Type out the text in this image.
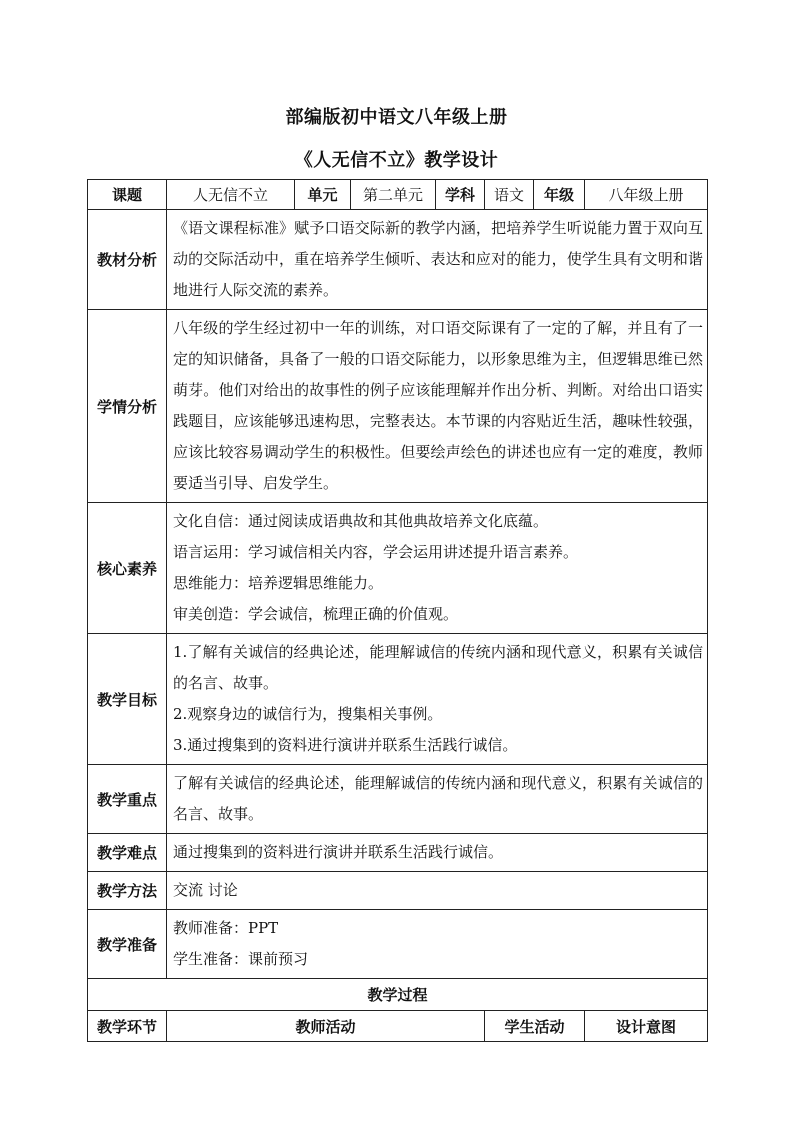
部编版初中语文八年级上册
《人无信不立》教学设计
课题	人无信不立	单元	第二单元	学科	语文	年级	八年级上册
教材分析	《语文课程标准》赋予口语交际新的教学内涵，把培养学生听说能力置于双向互动的交际活动中，重在培养学生倾听、表达和应对的能力，使学生具有文明和谐地进行人际交流的素养。						
学情分析	八年级的学生经过初中一年的训练，对口语交际课有了一定的了解，并且有了一定的知识储备，具备了一般的口语交际能力，以形象思维为主，但逻辑思维已然萌芽。他们对给出的故事性的例子应该能理解并作出分析、判断。对给出口语实践题目，应该能够迅速构思，完整表达。本节课的内容贴近生活，趣味性较强，应该比较容易调动学生的积极性。但要绘声绘色的讲述也应有一定的难度，教师要适当引导、启发学生。						
核心素养	文化自信：通过阅读成语典故和其他典故培养文化底蕴。
语言运用：学习诚信相关内容，学会运用讲述提升语言素养。
思维能力：培养逻辑思维能力。
审美创造：学会诚信，梳理正确的价值观。						

教学目标	1.了解有关诚信的经典论述，能理解诚信的传统内涵和现代意义，积累有关诚信的名言、故事。
2.观察身边的诚信行为，搜集相关事例。
3.通过搜集到的资料进行演讲并联系生活践行诚信。						

教学重点	了解有关诚信的经典论述，能理解诚信的传统内涵和现代意义，积累有关诚信的名言、故事。						
教学难点	通过搜集到的资料进行演讲并联系生活践行诚信。						
教学方法	交流 讨论						
教学准备	教师准备：PPT
学生准备：课前预习						

教学过程							
教学环节	教师活动				学生活动		设计意图
